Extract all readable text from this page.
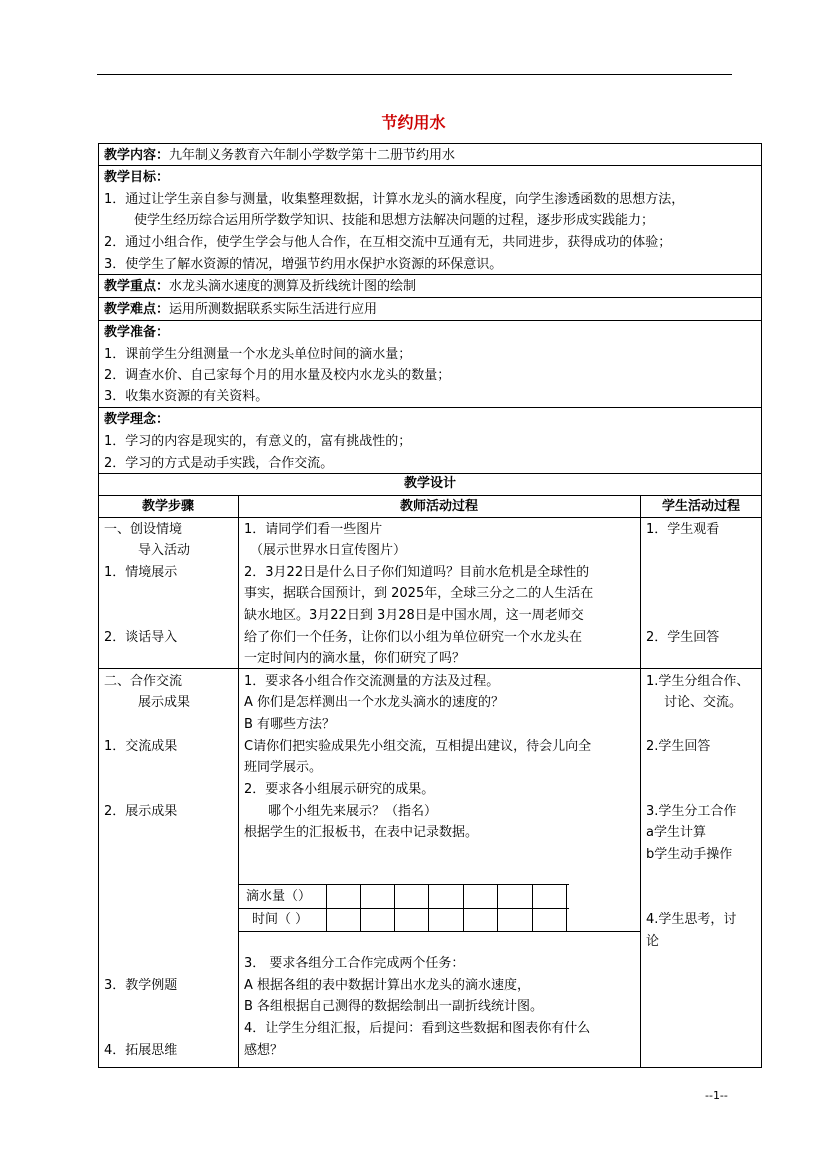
节约用水
教学内容：九年制义务教育六年制小学数学第十二册节约用水
教学目标：
1．通过让学生亲自参与测量，收集整理数据，计算水龙头的滴水程度，向学生渗透函数的思想方法，
使学生经历综合运用所学数学知识、技能和思想方法解决问题的过程，逐步形成实践能力；
2．通过小组合作，使学生学会与他人合作，在互相交流中互通有无，共同进步，获得成功的体验；
3．使学生了解水资源的情况，增强节约用水保护水资源的环保意识。
教学重点：水龙头滴水速度的测算及折线统计图的绘制
教学难点：运用所测数据联系实际生活进行应用
教学准备：
1．课前学生分组测量一个水龙头单位时间的滴水量；
2．调查水价、自己家每个月的用水量及校内水龙头的数量；
3．收集水资源的有关资料。
教学理念：
1．学习的内容是现实的，有意义的，富有挑战性的；
2．学习的方式是动手实践，合作交流。
教学设计
教学步骤	教师活动过程	学生活动过程
一、创设情境
导入活动
1．情境展示
2．谈话导入
1．请同学们看一些图片
（展示世界水日宣传图片）
2．3月22日是什么日子你们知道吗？目前水危机是全球性的
事实，据联合国预计，到 2025年，全球三分之二的人生活在
缺水地区。3月22日到 3月28日是中国水周，这一周老师交
给了你们一个任务，让你们以小组为单位研究一个水龙头在
一定时间内的滴水量，你们研究了吗？
1．学生观看
2．学生回答
二、合作交流
展示成果
1．交流成果
2．展示成果
3．教学例题
4．拓展思维
1．要求各小组合作交流测量的方法及过程。
A 你们是怎样测出一个水龙头滴水的速度的？
B 有哪些方法？
C请你们把实验成果先小组交流，互相提出建议，待会儿向全
班同学展示。
2．要求各小组展示研究的成果。
哪个小组先来展示？（指名）
根据学生的汇报板书，在表中记录数据。
滴水量（）
时间（ ）
3． 要求各组分工合作完成两个任务：
A 根据各组的表中数据计算出水龙头的滴水速度，
B 各组根据自己测得的数据绘制出一副折线统计图。
4．让学生分组汇报，后提问：看到这些数据和图表你有什么
感想？
1.学生分组合作、
讨论、交流。
2.学生回答
3.学生分工合作
a学生计算
b学生动手操作
4.学生思考，讨
论
--1--
